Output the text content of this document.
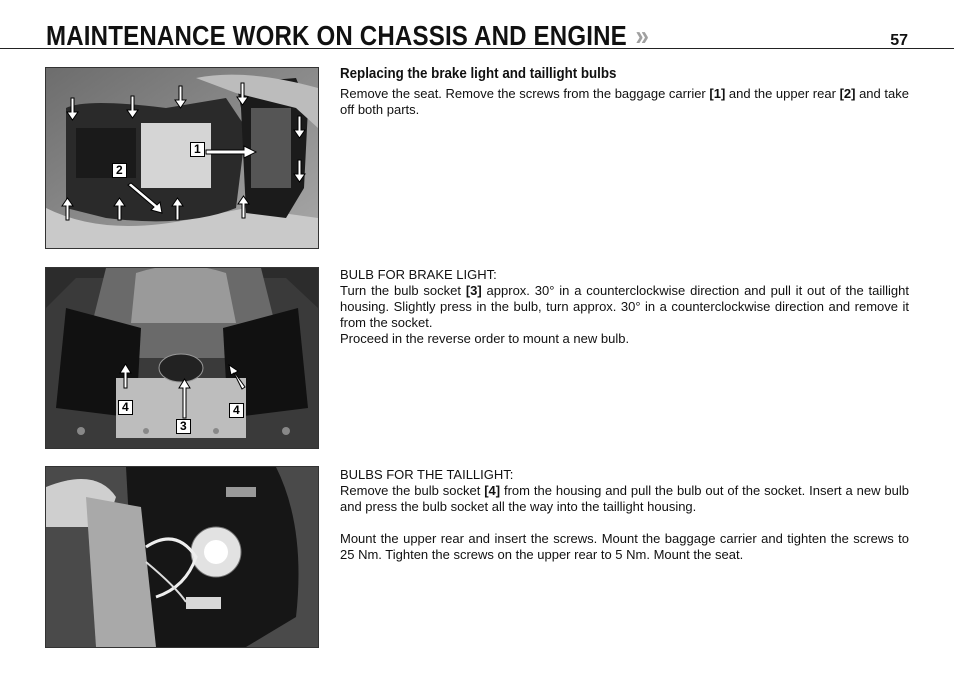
MAINTENANCE WORK ON CHASSIS AND ENGINE »	57
1
2
4
3
4
Replacing the brake light and taillight bulbs

Remove the seat. Remove the screws from the baggage carrier [1] and the upper rear [2] and take off both parts.

BULB FOR BRAKE LIGHT:

Turn the bulb socket [3] approx. 30° in a counterclockwise direction and pull it out of the taillight housing. Slightly press in the bulb, turn approx. 30° in a counterclockwise direction and remove it from the socket.

Proceed in the reverse order to mount a new bulb.

BULBS FOR THE TAILLIGHT:

Remove the bulb socket [4] from the housing and pull the bulb out of the socket. Insert a new bulb and press the bulb socket all the way into the taillight housing.

Mount the upper rear and insert the screws. Mount the baggage carrier and tighten the screws to 25 Nm. Tighten the screws on the upper rear to 5 Nm. Mount the seat.
